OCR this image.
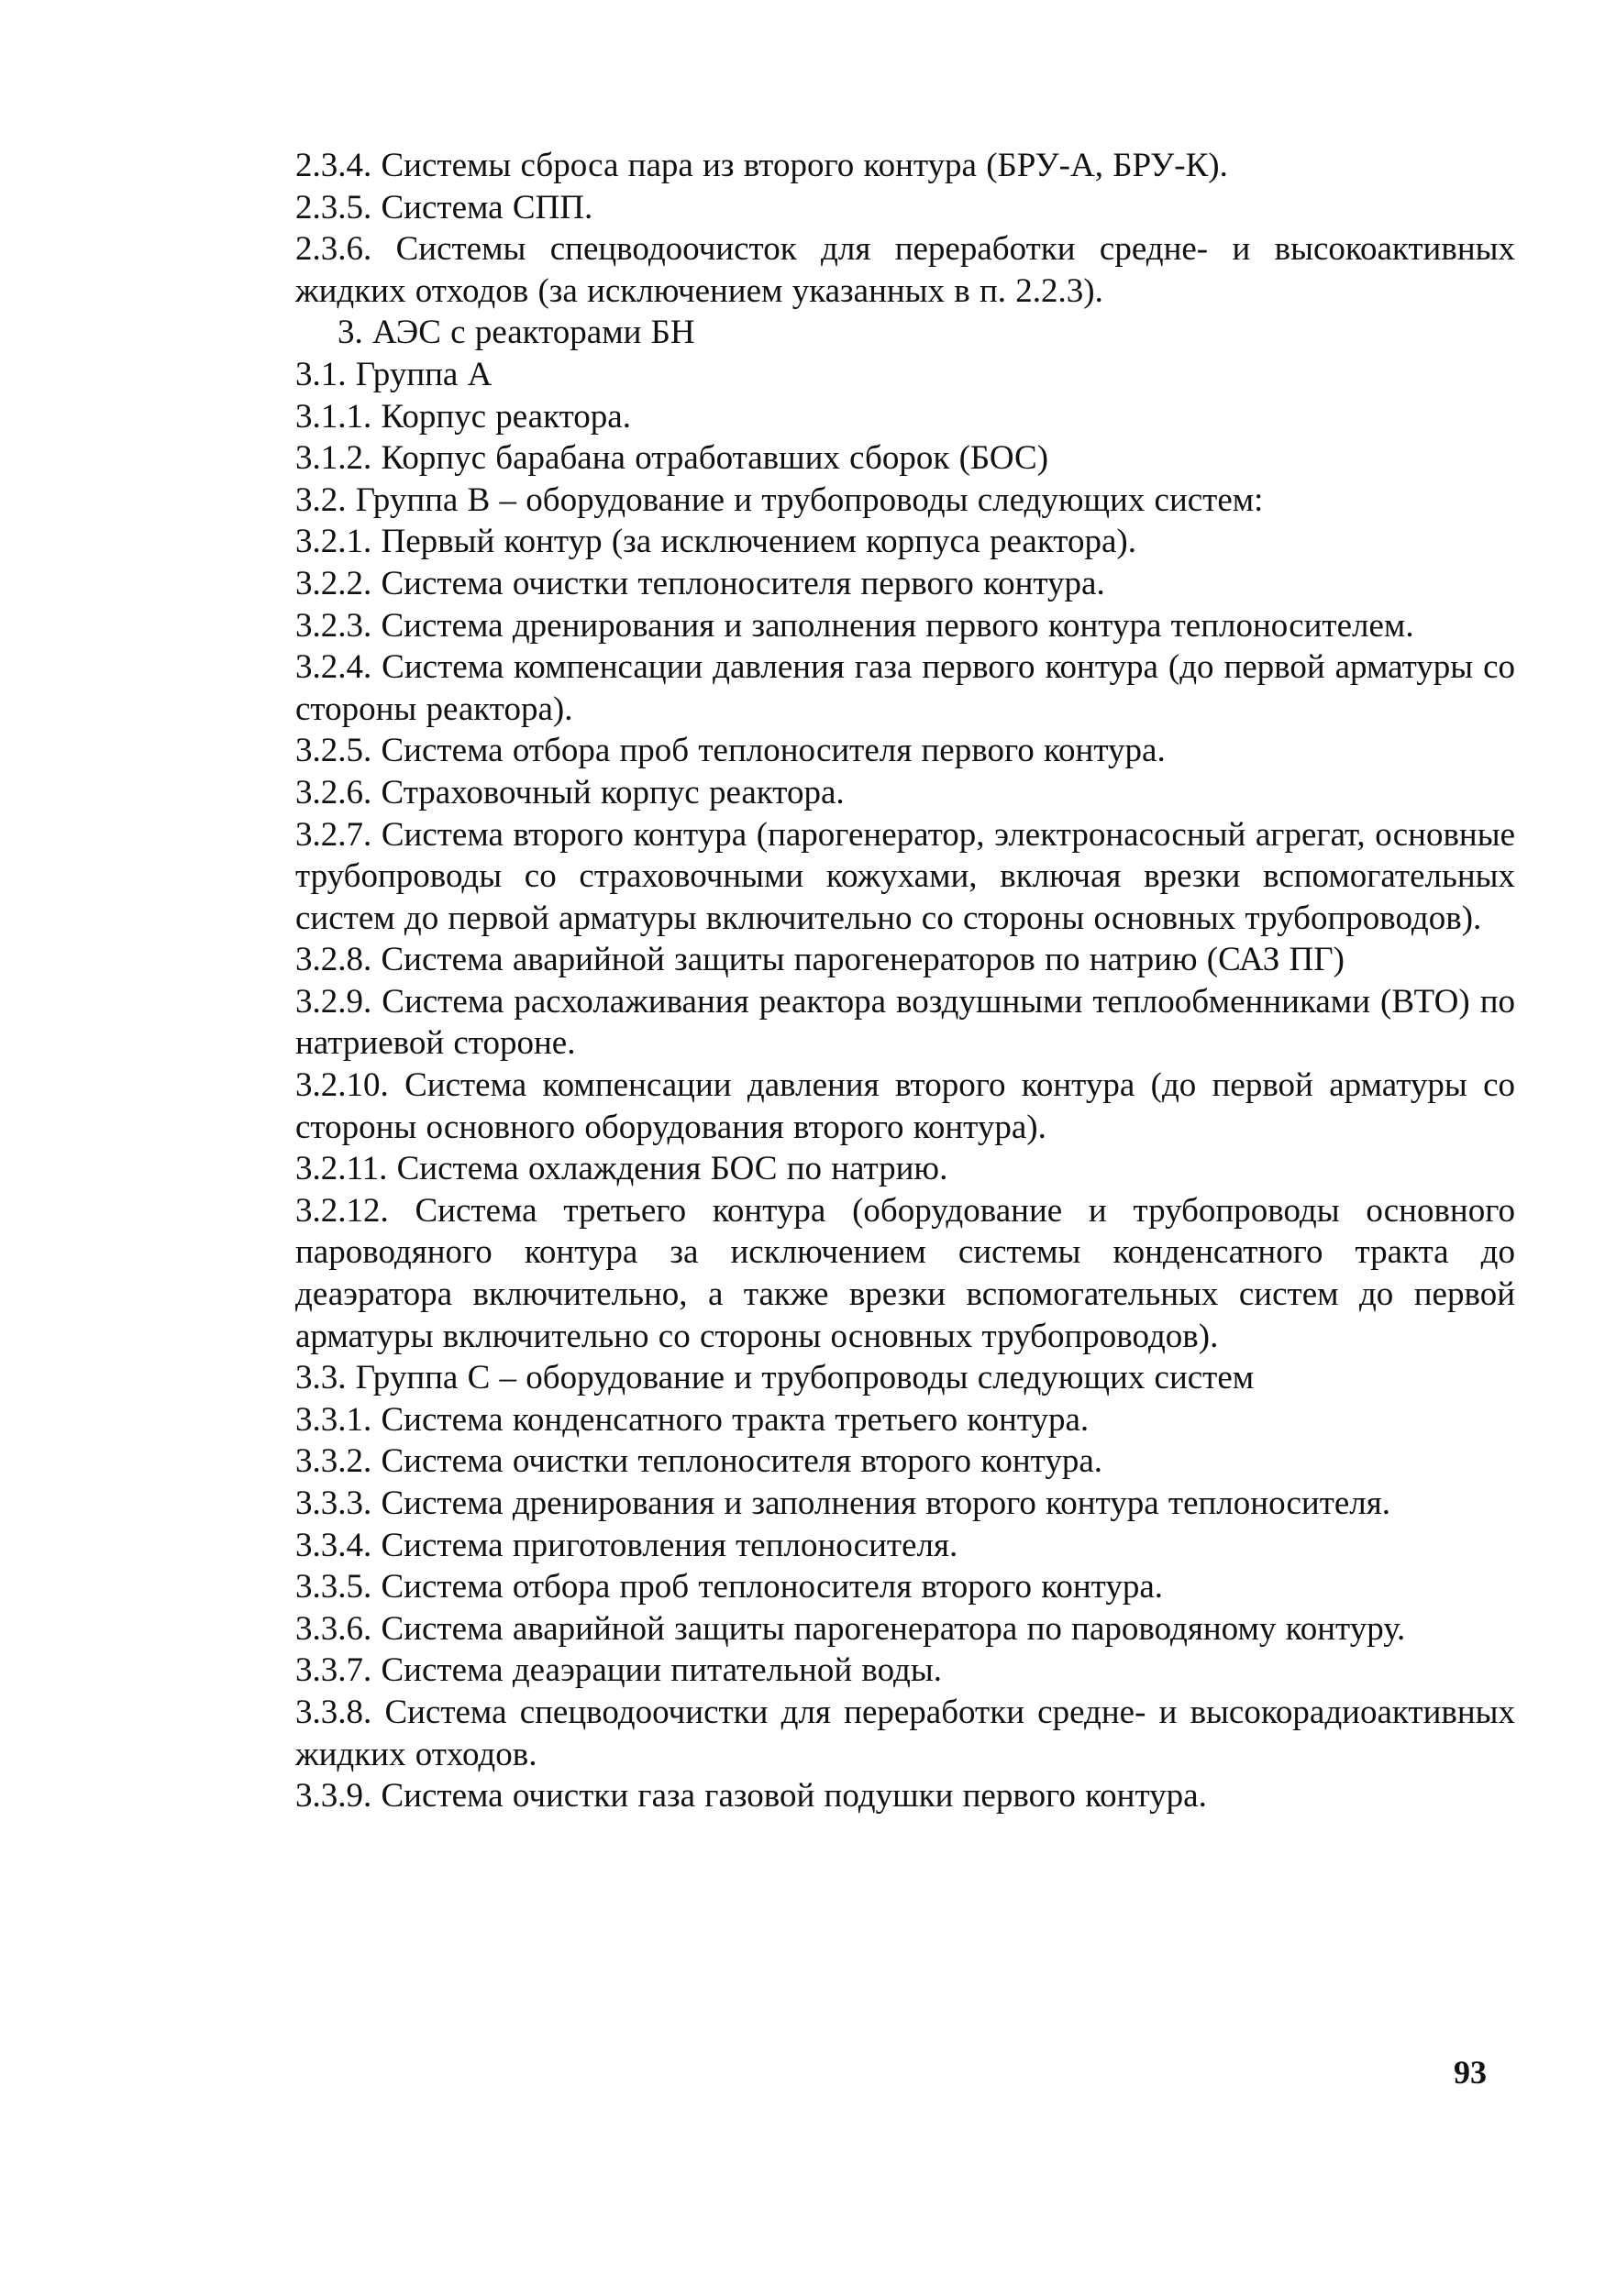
2.3.4. Системы сброса пара из второго контура (БРУ-А, БРУ-К).

2.3.5. Система СПП.

2.3.6. Системы спецводоочисток для переработки средне- и высокоактивных жидких отходов (за исключением указанных в п. 2.2.3).

3. АЭС с реакторами БН

3.1. Группа А

3.1.1. Корпус реактора.

3.1.2. Корпус барабана отработавших сборок (БОС)

3.2. Группа В – оборудование и трубопроводы следующих систем:

3.2.1. Первый контур (за исключением корпуса реактора).

3.2.2. Система очистки теплоносителя первого контура.

3.2.3. Система дренирования и заполнения первого контура теплоносителем.

3.2.4. Система компенсации давления газа первого контура (до первой арматуры со стороны реактора).

3.2.5. Система отбора проб теплоносителя первого контура.

3.2.6. Страховочный корпус реактора.

3.2.7. Система второго контура (парогенератор, электронасосный агрегат, основные трубопроводы со страховочными кожухами, включая врезки вспомогательных систем до первой арматуры включительно со стороны основных трубопроводов).

3.2.8. Система аварийной защиты парогенераторов по натрию (САЗ ПГ)

3.2.9. Система расхолаживания реактора воздушными теплообменниками (ВТО) по натриевой стороне.

3.2.10. Система компенсации давления второго контура (до первой арматуры со стороны основного оборудования второго контура).

3.2.11. Система охлаждения БОС по натрию.

3.2.12. Система третьего контура (оборудование и трубопроводы основного пароводяного контура за исключением системы конденсатного тракта до деаэратора включительно, а также врезки вспомогательных систем до первой арматуры включительно со стороны основных трубопроводов).

3.3. Группа С – оборудование и трубопроводы следующих систем

3.3.1. Система конденсатного тракта третьего контура.

3.3.2. Система очистки теплоносителя второго контура.

3.3.3. Система дренирования и заполнения второго контура теплоносителя.

3.3.4. Система приготовления теплоносителя.

3.3.5. Система отбора проб теплоносителя второго контура.

3.3.6. Система аварийной защиты парогенератора по пароводяному контуру.

3.3.7. Система деаэрации питательной воды.

3.3.8. Система спецводоочистки для переработки средне- и высокорадиоактивных жидких отходов.

3.3.9. Система очистки газа газовой подушки первого контура.

93
